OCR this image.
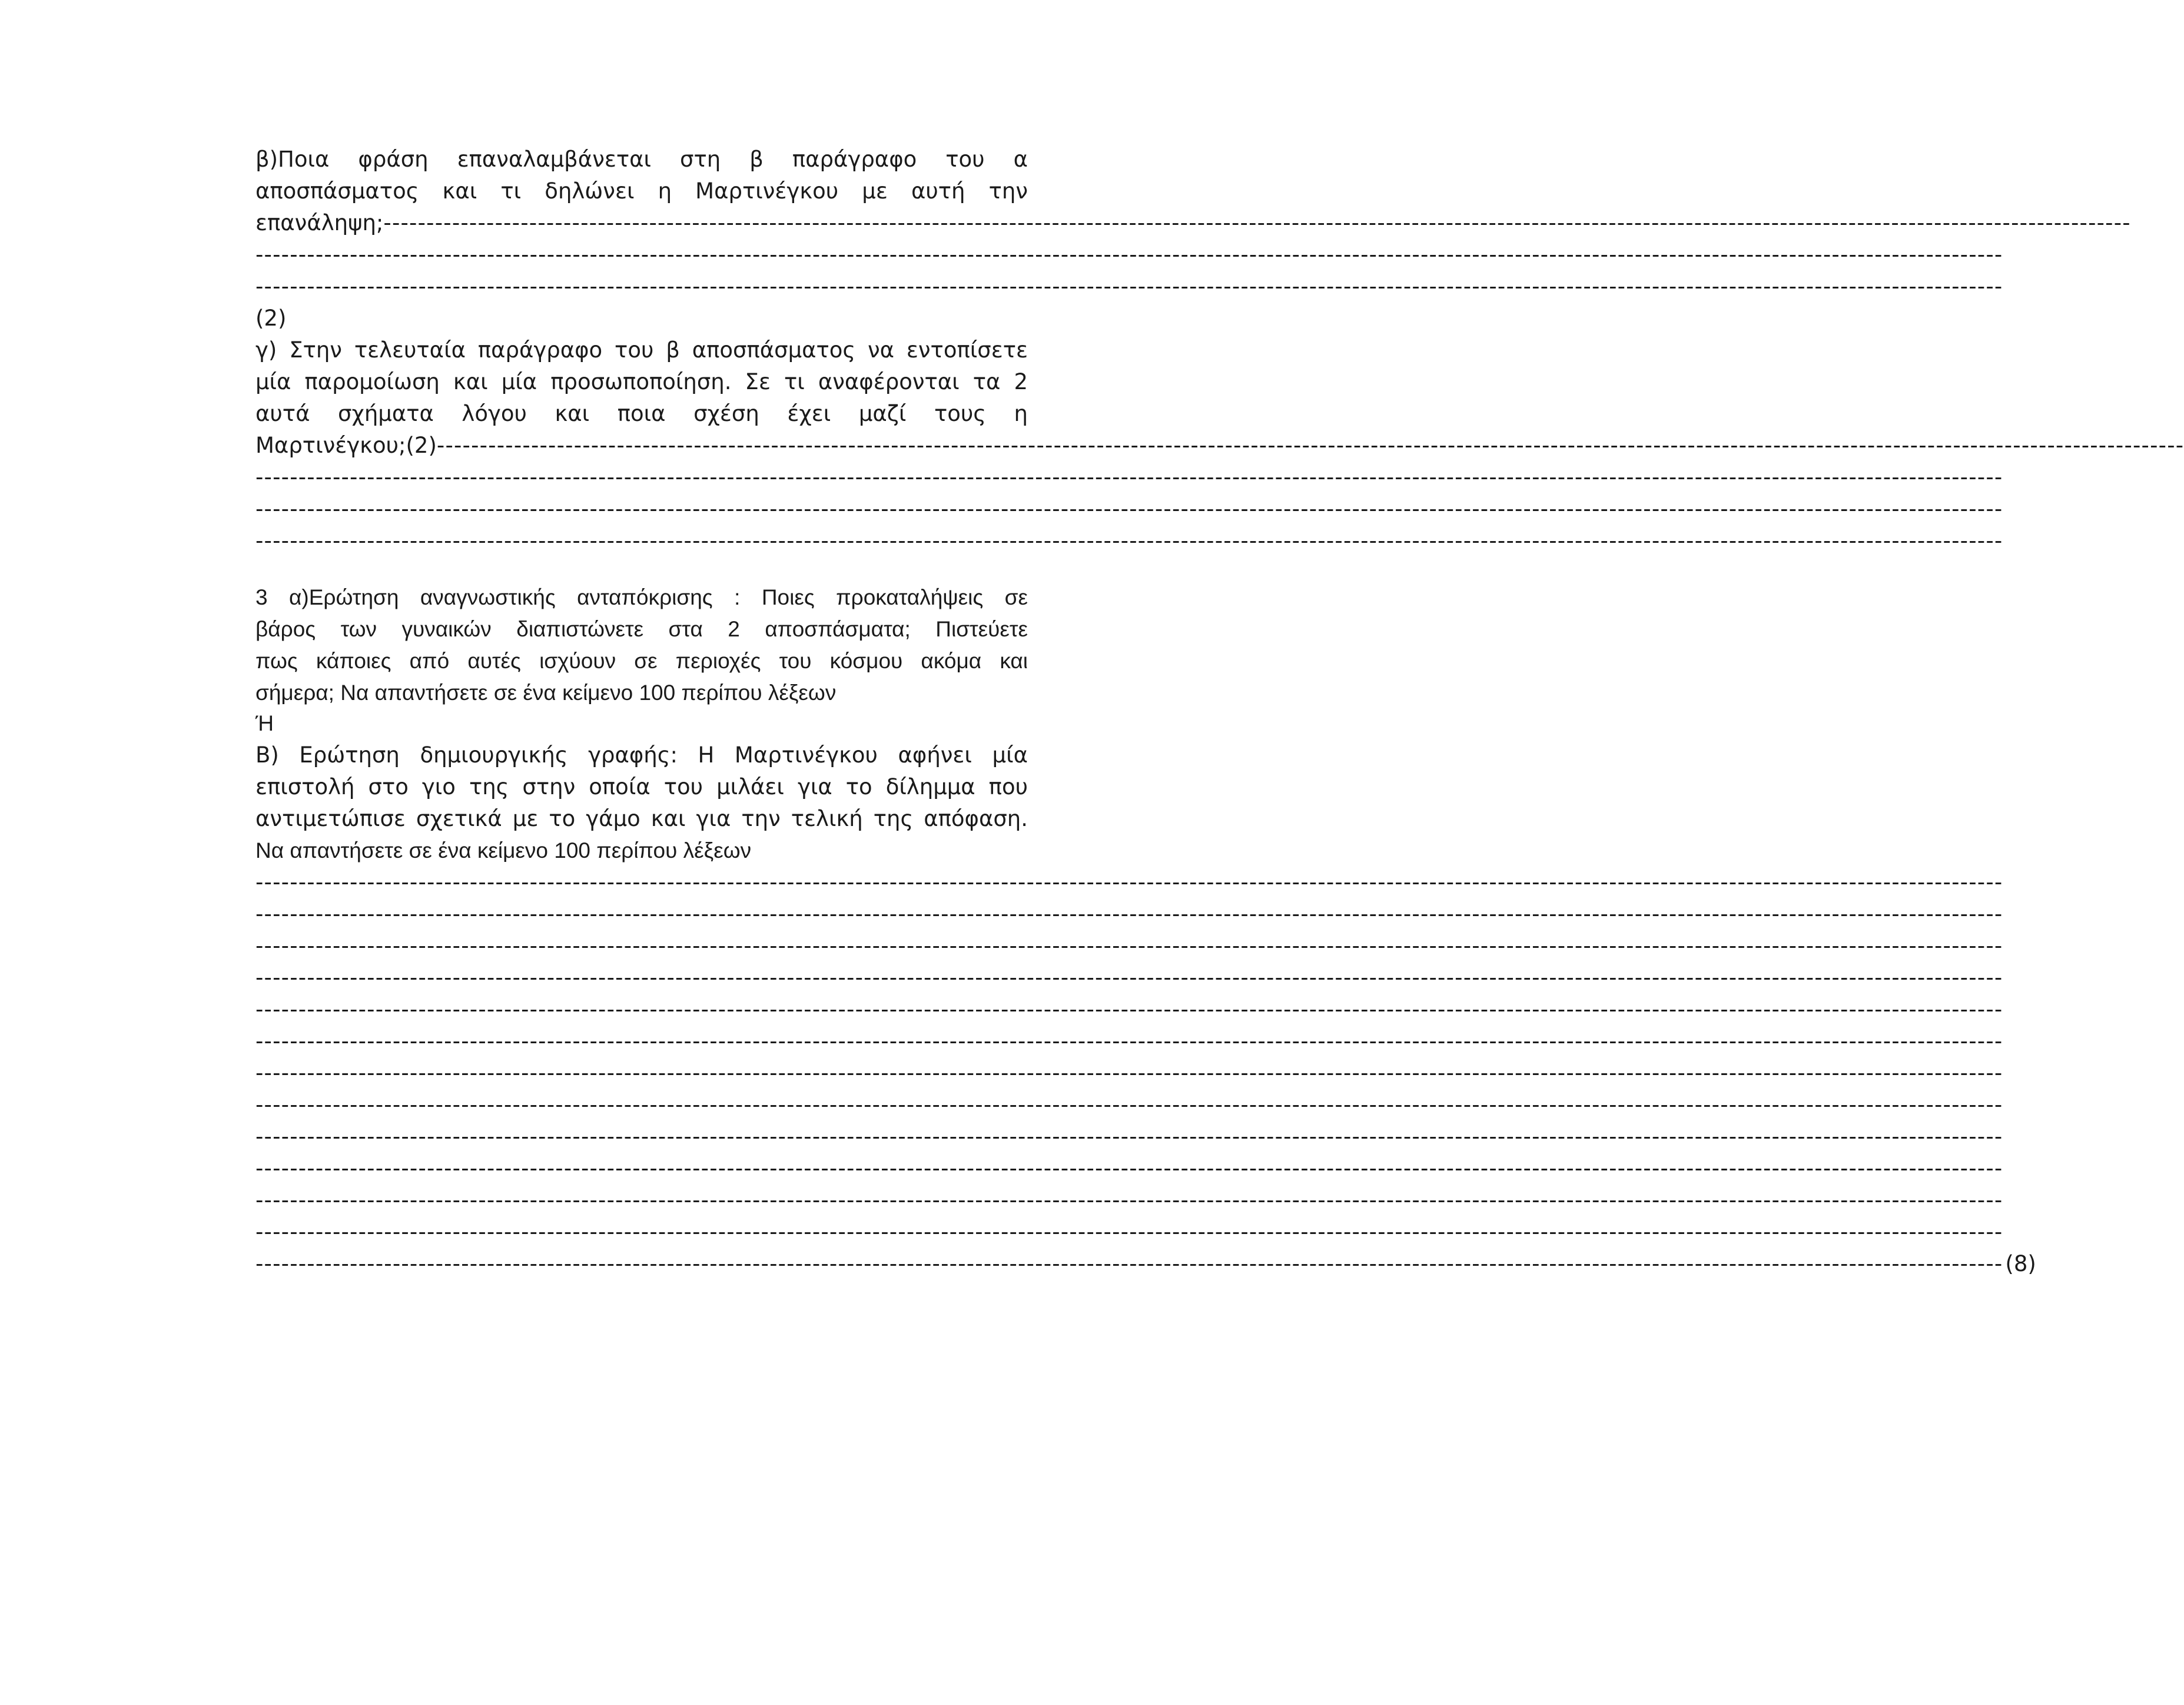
β)Ποια φράση επαναλαμβάνεται στη β παράγραφο του α
αποσπάσματος και τι δηλώνει η Μαρτινέγκου με αυτή την
επανάληψη; ------------------------------------------------------------------------------------------------------------------------------------------------------------------------------------------------------------
------------------------------------------------------------------------------------------------------------------------------------------------------------------------------------------------------------
------------------------------------------------------------------------------------------------------------------------------------------------------------------------------------------------------------
(2)
γ) Στην τελευταία παράγραφο του β αποσπάσματος να εντοπίσετε
μία παρομοίωση και μία προσωποποίηση. Σε τι αναφέρονται τα 2
αυτά σχήματα λόγου και ποια σχέση έχει μαζί τους η
Μαρτινέγκου;(2) ------------------------------------------------------------------------------------------------------------------------------------------------------------------------------------------------------------
------------------------------------------------------------------------------------------------------------------------------------------------------------------------------------------------------------
------------------------------------------------------------------------------------------------------------------------------------------------------------------------------------------------------------
------------------------------------------------------------------------------------------------------------------------------------------------------------------------------------------------------------
3 α)Ερώτηση αναγνωστικής ανταπόκρισης : Ποιες προκαταλήψεις σε
βάρος των γυναικών διαπιστώνετε στα 2 αποσπάσματα; Πιστεύετε
πως κάποιες από αυτές ισχύουν σε περιοχές του κόσμου ακόμα και
σήμερα; Να απαντήσετε σε ένα κείμενο 100 περίπου λέξεων
Ή
Β) Ερώτηση δημιουργικής γραφής: Η Μαρτινέγκου αφήνει μία
επιστολή στο γιο της στην οποία του μιλάει για το δίλημμα που
αντιμετώπισε σχετικά με το γάμο και για την τελική της απόφαση.
Να απαντήσετε σε ένα κείμενο 100 περίπου λέξεων
------------------------------------------------------------------------------------------------------------------------------------------------------------------------------------------------------------
------------------------------------------------------------------------------------------------------------------------------------------------------------------------------------------------------------
------------------------------------------------------------------------------------------------------------------------------------------------------------------------------------------------------------
------------------------------------------------------------------------------------------------------------------------------------------------------------------------------------------------------------
------------------------------------------------------------------------------------------------------------------------------------------------------------------------------------------------------------
------------------------------------------------------------------------------------------------------------------------------------------------------------------------------------------------------------
------------------------------------------------------------------------------------------------------------------------------------------------------------------------------------------------------------
------------------------------------------------------------------------------------------------------------------------------------------------------------------------------------------------------------
------------------------------------------------------------------------------------------------------------------------------------------------------------------------------------------------------------
------------------------------------------------------------------------------------------------------------------------------------------------------------------------------------------------------------
------------------------------------------------------------------------------------------------------------------------------------------------------------------------------------------------------------
------------------------------------------------------------------------------------------------------------------------------------------------------------------------------------------------------------
------------------------------------------------------------------------------------------------------------------------------------------------------------------------------------------------------------ (8)
